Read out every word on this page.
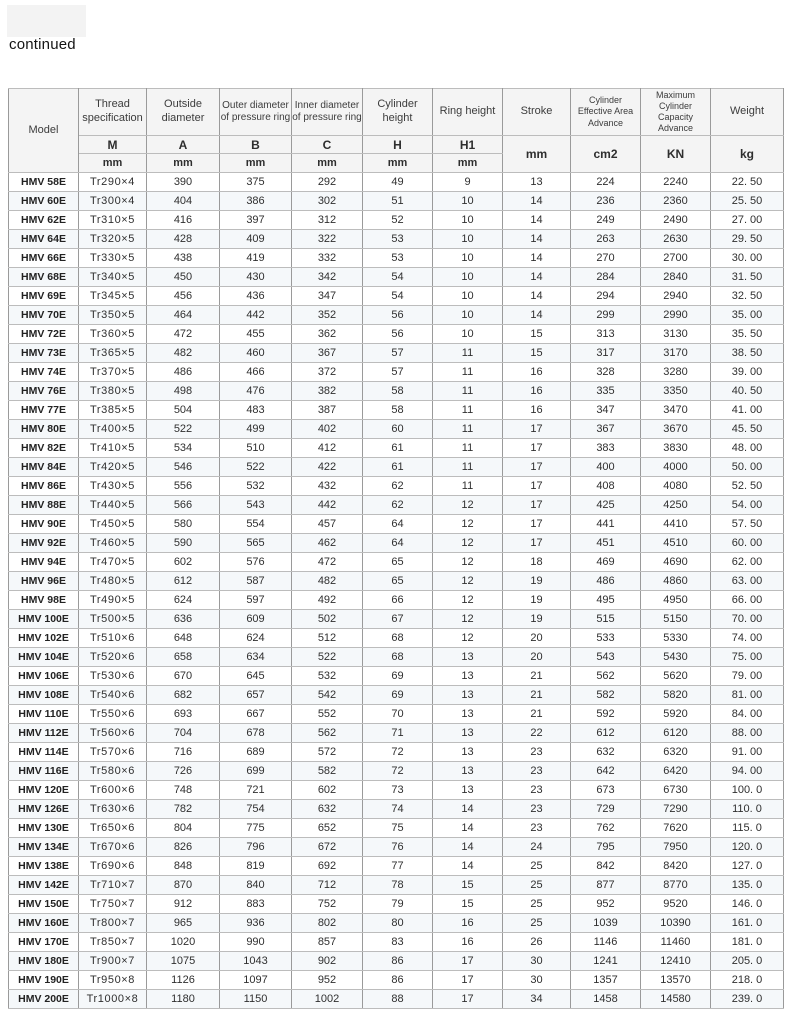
continued
Model	Thread specification	Outside diameter	Outer diameter of pressure ring	Inner diameter of pressure ring	Cylinder height	Ring height	Stroke	Cylinder Effective Area Advance	Maximum Cylinder Capacity Advance	Weight
	M	A	B	C	H	H1	mm	cm2	KN	kg
	mm	mm	mm	mm	mm	mm				
HMV 58E	Tr290×4	390	375	292	49	9	13	224	2240	22. 50
HMV 60E	Tr300×4	404	386	302	51	10	14	236	2360	25. 50
HMV 62E	Tr310×5	416	397	312	52	10	14	249	2490	27. 00
HMV 64E	Tr320×5	428	409	322	53	10	14	263	2630	29. 50
HMV 66E	Tr330×5	438	419	332	53	10	14	270	2700	30. 00
HMV 68E	Tr340×5	450	430	342	54	10	14	284	2840	31. 50
HMV 69E	Tr345×5	456	436	347	54	10	14	294	2940	32. 50
HMV 70E	Tr350×5	464	442	352	56	10	14	299	2990	35. 00
HMV 72E	Tr360×5	472	455	362	56	10	15	313	3130	35. 50
HMV 73E	Tr365×5	482	460	367	57	11	15	317	3170	38. 50
HMV 74E	Tr370×5	486	466	372	57	11	16	328	3280	39. 00
HMV 76E	Tr380×5	498	476	382	58	11	16	335	3350	40. 50
HMV 77E	Tr385×5	504	483	387	58	11	16	347	3470	41. 00
HMV 80E	Tr400×5	522	499	402	60	11	17	367	3670	45. 50
HMV 82E	Tr410×5	534	510	412	61	11	17	383	3830	48. 00
HMV 84E	Tr420×5	546	522	422	61	11	17	400	4000	50. 00
HMV 86E	Tr430×5	556	532	432	62	11	17	408	4080	52. 50
HMV 88E	Tr440×5	566	543	442	62	12	17	425	4250	54. 00
HMV 90E	Tr450×5	580	554	457	64	12	17	441	4410	57. 50
HMV 92E	Tr460×5	590	565	462	64	12	17	451	4510	60. 00
HMV 94E	Tr470×5	602	576	472	65	12	18	469	4690	62. 00
HMV 96E	Tr480×5	612	587	482	65	12	19	486	4860	63. 00
HMV 98E	Tr490×5	624	597	492	66	12	19	495	4950	66. 00
HMV 100E	Tr500×5	636	609	502	67	12	19	515	5150	70. 00
HMV 102E	Tr510×6	648	624	512	68	12	20	533	5330	74. 00
HMV 104E	Tr520×6	658	634	522	68	13	20	543	5430	75. 00
HMV 106E	Tr530×6	670	645	532	69	13	21	562	5620	79. 00
HMV 108E	Tr540×6	682	657	542	69	13	21	582	5820	81. 00
HMV 110E	Tr550×6	693	667	552	70	13	21	592	5920	84. 00
HMV 112E	Tr560×6	704	678	562	71	13	22	612	6120	88. 00
HMV 114E	Tr570×6	716	689	572	72	13	23	632	6320	91. 00
HMV 116E	Tr580×6	726	699	582	72	13	23	642	6420	94. 00
HMV 120E	Tr600×6	748	721	602	73	13	23	673	6730	100. 0
HMV 126E	Tr630×6	782	754	632	74	14	23	729	7290	110. 0
HMV 130E	Tr650×6	804	775	652	75	14	23	762	7620	115. 0
HMV 134E	Tr670×6	826	796	672	76	14	24	795	7950	120. 0
HMV 138E	Tr690×6	848	819	692	77	14	25	842	8420	127. 0
HMV 142E	Tr710×7	870	840	712	78	15	25	877	8770	135. 0
HMV 150E	Tr750×7	912	883	752	79	15	25	952	9520	146. 0
HMV 160E	Tr800×7	965	936	802	80	16	25	1039	10390	161. 0
HMV 170E	Tr850×7	1020	990	857	83	16	26	1146	11460	181. 0
HMV 180E	Tr900×7	1075	1043	902	86	17	30	1241	12410	205. 0
HMV 190E	Tr950×8	1126	1097	952	86	17	30	1357	13570	218. 0
HMV 200E	Tr1000×8	1180	1150	1002	88	17	34	1458	14580	239. 0
